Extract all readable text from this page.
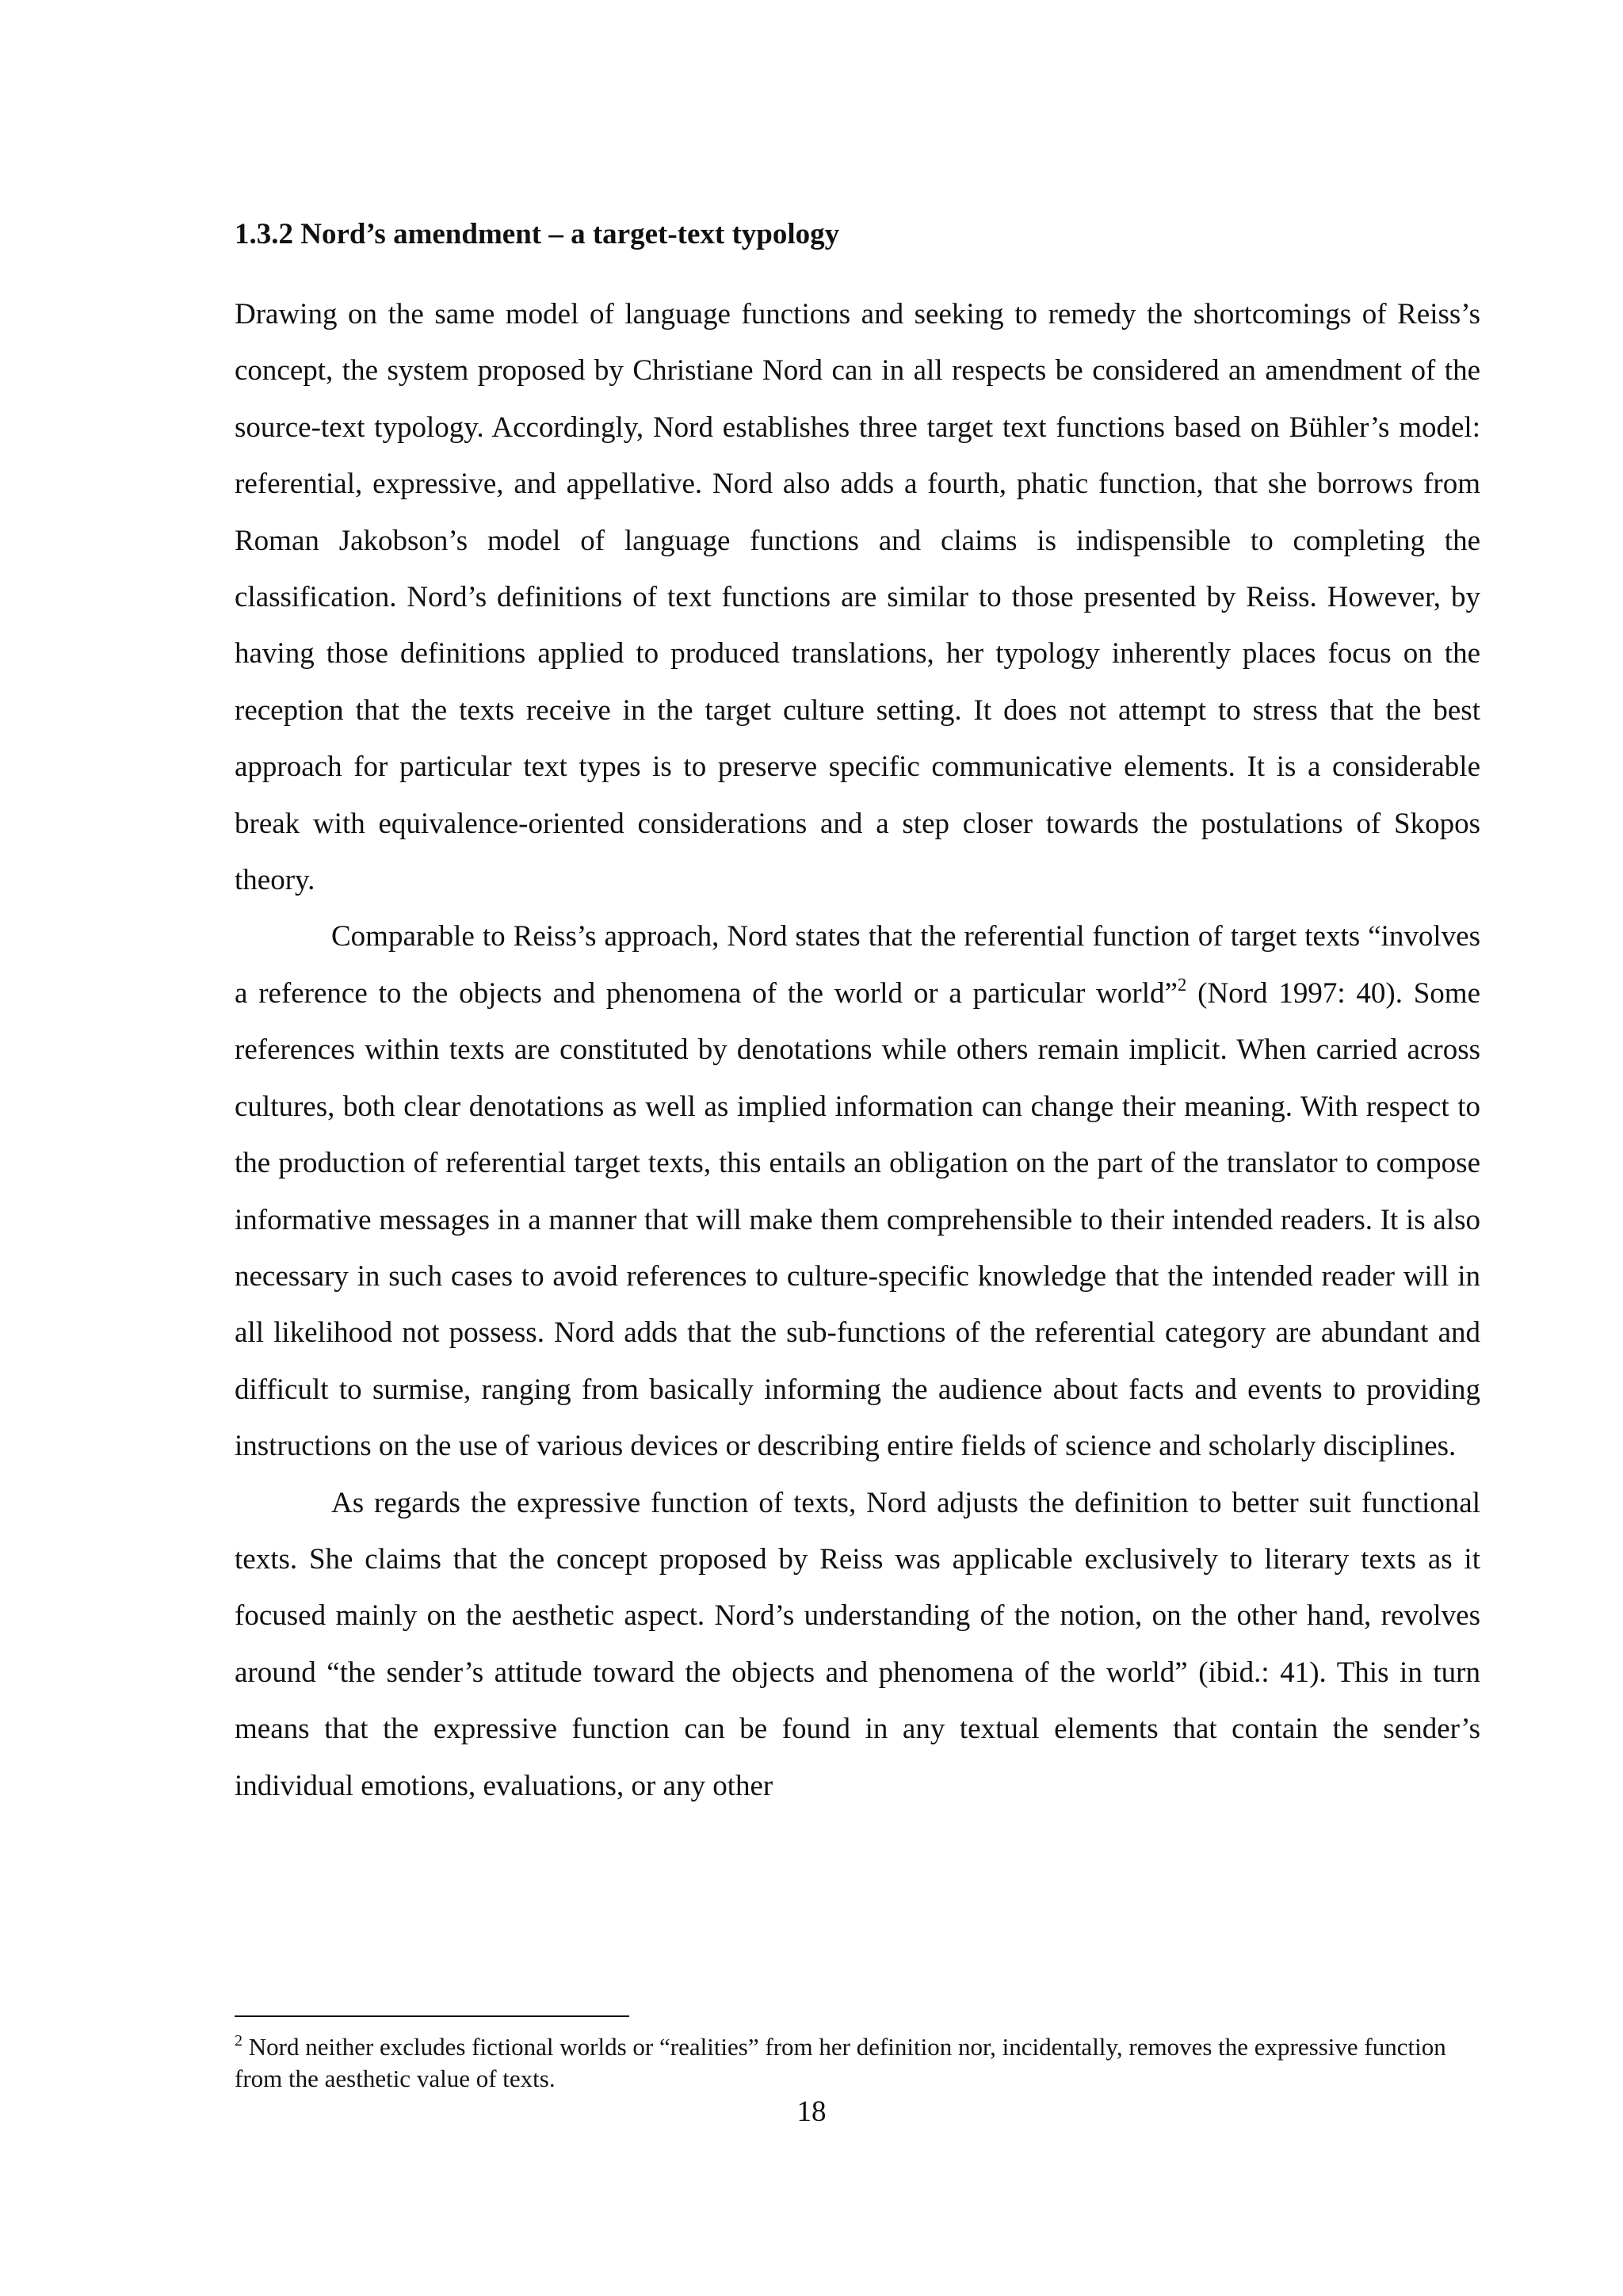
1.3.2 Nord’s amendment – a target-text typology

Drawing on the same model of language functions and seeking to remedy the shortcomings of Reiss’s concept, the system proposed by Christiane Nord can in all respects be considered an amendment of the source-text typology. Accordingly, Nord establishes three target text functions based on Bühler’s model: referential, expressive, and appellative. Nord also adds a fourth, phatic function, that she borrows from Roman Jakobson’s model of language functions and claims is indispensible to completing the classification. Nord’s definitions of text functions are similar to those presented by Reiss. However, by having those definitions applied to produced translations, her typology inherently places focus on the reception that the texts receive in the target culture setting. It does not attempt to stress that the best approach for particular text types is to preserve specific communicative elements. It is a considerable break with equivalence-oriented considerations and a step closer towards the postulations of Skopos theory.

Comparable to Reiss’s approach, Nord states that the referential function of target texts “involves a reference to the objects and phenomena of the world or a particular world”$^2$ (Nord 1997: 40). Some references within texts are constituted by denotations while others remain implicit. When carried across cultures, both clear denotations as well as implied information can change their meaning. With respect to the production of referential target texts, this entails an obligation on the part of the translator to compose informative messages in a manner that will make them comprehensible to their intended readers. It is also necessary in such cases to avoid references to culture-specific knowledge that the intended reader will in all likelihood not possess. Nord adds that the sub-functions of the referential category are abundant and difficult to surmise, ranging from basically informing the audience about facts and events to providing instructions on the use of various devices or describing entire fields of science and scholarly disciplines.

As regards the expressive function of texts, Nord adjusts the definition to better suit functional texts. She claims that the concept proposed by Reiss was applicable exclusively to literary texts as it focused mainly on the aesthetic aspect. Nord’s understanding of the notion, on the other hand, revolves around “the sender’s attitude toward the objects and phenomena of the world” (ibid.: 41). This in turn means that the expressive function can be found in any textual elements that contain the sender’s individual emotions, evaluations, or any other

$^2$ Nord neither excludes fictional worlds or “realities” from her definition nor, incidentally, removes the expressive function from the aesthetic value of texts.
18
